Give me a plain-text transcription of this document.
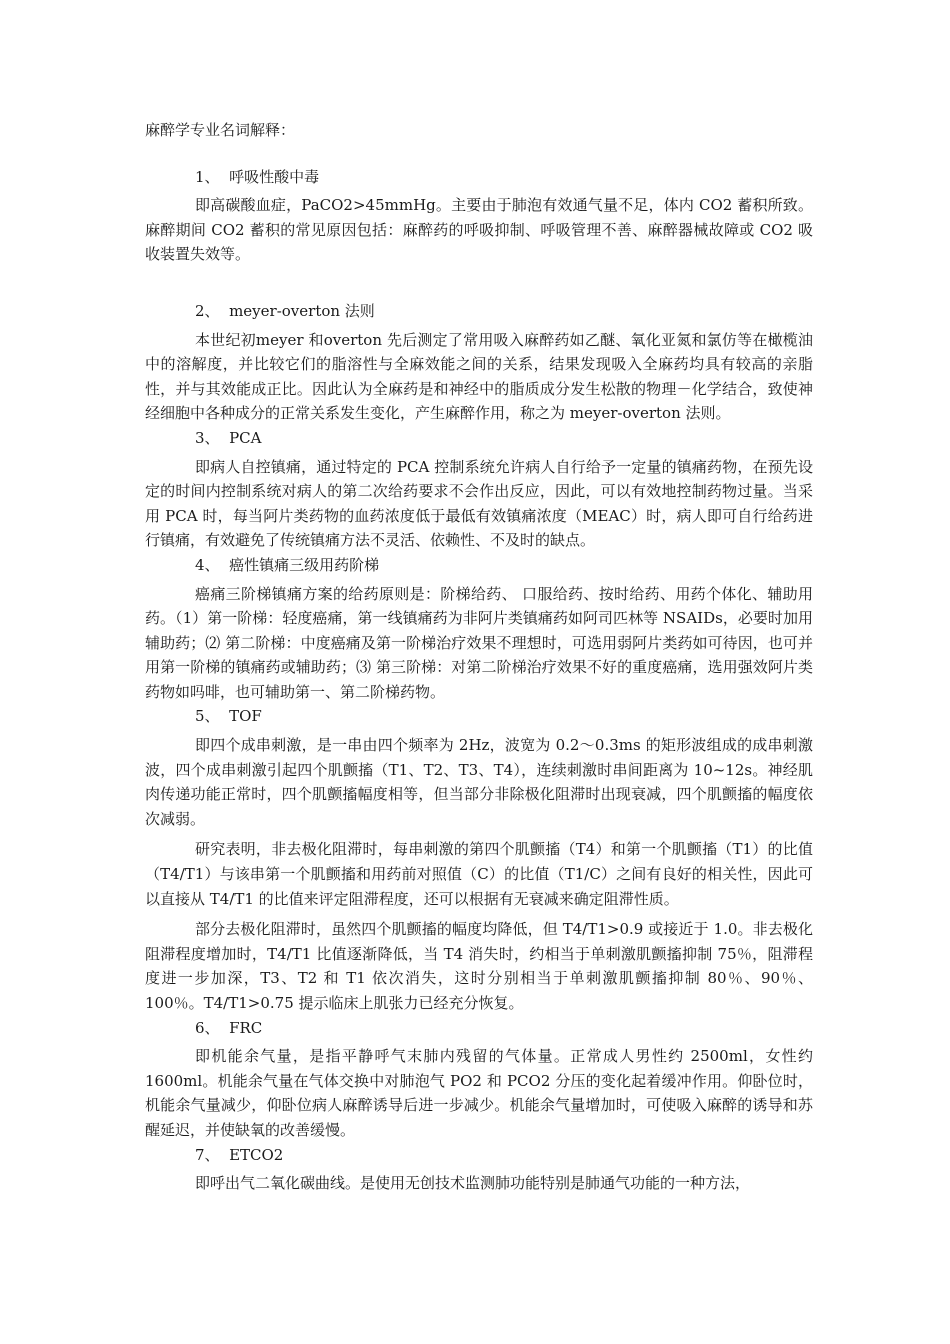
麻醉学专业名词解释：

1、  呼吸性酸中毒

即高碳酸血症，PaCO2>45mmHg。主要由于肺泡有效通气量不足，体内 CO2 蓄积所致。麻醉期间 CO2 蓄积的常见原因包括：麻醉药的呼吸抑制、呼吸管理不善、麻醉器械故障或 CO2 吸收装置失效等。

2、  meyer-overton 法则

本世纪初meyer 和overton 先后测定了常用吸入麻醉药如乙醚、氧化亚氮和氯仿等在橄榄油中的溶解度，并比较它们的脂溶性与全麻效能之间的关系，结果发现吸入全麻药均具有较高的亲脂性，并与其效能成正比。因此认为全麻药是和神经中的脂质成分发生松散的物理－化学结合，致使神经细胞中各种成分的正常关系发生变化，产生麻醉作用，称之为 meyer-overton 法则。

3、  PCA

即病人自控镇痛，通过特定的 PCA 控制系统允许病人自行给予一定量的镇痛药物，在预先设定的时间内控制系统对病人的第二次给药要求不会作出反应，因此，可以有效地控制药物过量。当采用 PCA 时，每当阿片类药物的血药浓度低于最低有效镇痛浓度（MEAC）时，病人即可自行给药进行镇痛，有效避免了传统镇痛方法不灵活、依赖性、不及时的缺点。

4、  癌性镇痛三级用药阶梯

癌痛三阶梯镇痛方案的给药原则是：阶梯给药、 口服给药、按时给药、用药个体化、辅助用药。（1）第一阶梯：轻度癌痛，第一线镇痛药为非阿片类镇痛药如阿司匹林等 NSAIDs，必要时加用辅助药；⑵ 第二阶梯：中度癌痛及第一阶梯治疗效果不理想时，可选用弱阿片类药如可待因，也可并用第一阶梯的镇痛药或辅助药；⑶ 第三阶梯：对第二阶梯治疗效果不好的重度癌痛，选用强效阿片类药物如吗啡，也可辅助第一、第二阶梯药物。

5、  TOF

即四个成串刺激，是一串由四个频率为 2Hz，波宽为 0.2～0.3ms 的矩形波组成的成串刺激波，四个成串刺激引起四个肌颤搐（T1、T2、T3、T4），连续刺激时串间距离为 10~12s。神经肌肉传递功能正常时，四个肌颤搐幅度相等，但当部分非除极化阻滞时出现衰减，四个肌颤搐的幅度依次减弱。

研究表明，非去极化阻滞时，每串刺激的第四个肌颤搐（T4）和第一个肌颤搐（T1）的比值（T4/T1）与该串第一个肌颤搐和用药前对照值（C）的比值（T1/C）之间有良好的相关性，因此可以直接从 T4/T1 的比值来评定阻滞程度，还可以根据有无衰减来确定阻滞性质。

部分去极化阻滞时，虽然四个肌颤搐的幅度均降低，但 T4/T1>0.9 或接近于 1.0。非去极化阻滞程度增加时，T4/T1 比值逐渐降低，当 T4 消失时，约相当于单刺激肌颤搐抑制 75％，阻滞程度进一步加深，T3、T2 和 T1 依次消失，这时分别相当于单刺激肌颤搐抑制 80％、90％、100％。T4/T1>0.75 提示临床上肌张力已经充分恢复。

6、  FRC

即机能余气量，是指平静呼气末肺内残留的气体量。正常成人男性约 2500ml，女性约 1600ml。机能余气量在气体交换中对肺泡气 PO2 和 PCO2 分压的变化起着缓冲作用。仰卧位时，机能余气量减少，仰卧位病人麻醉诱导后进一步减少。机能余气量增加时，可使吸入麻醉的诱导和苏醒延迟，并使缺氧的改善缓慢。

7、  ETCO2

即呼出气二氧化碳曲线。是使用无创技术监测肺功能特别是肺通气功能的一种方法，
